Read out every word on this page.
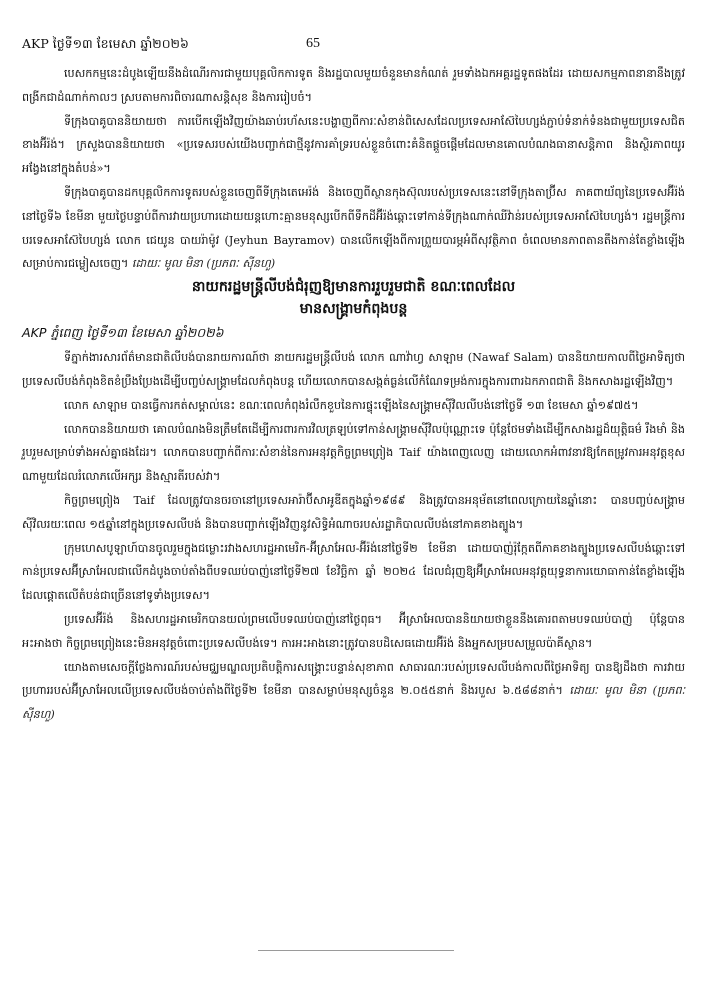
AKP ថ្ងៃទី១៣ ខែមេសា ឆ្នាំ២០២៦	65

បេសកកម្មនេះដំបូងឡើយនឹងដំណើរការជាមួយបុគ្គលិកការទូត និងរដ្ឋបាលមួយចំនួនមានកំណត់ រួមទាំងឯកអគ្គរដ្ឋទូតផងដែរ ដោយសកម្មភាពនានានឹងត្រូវពង្រីកជាដំណាក់កាលៗ ស្របតាមការពិចារណាសន្តិសុខ និងការរៀបចំ។

ទីក្រុងបាគូបាននិយាយថា ការបើកឡើងវិញយ៉ាងឆាប់រហ័សនេះបង្ហាញពីការៈសំខាន់ពិសេសដែលប្រទេសអាស៊ែបៃហ្សង់ភ្ជាប់ទំនាក់ទំនងជាមួយប្រទេសជិតខាងអ៊ីរ៉ង់។ ក្រសួងបាននិយាយថា «ប្រទេសរបស់យើងបញ្ជាក់ជាថ្មីនូវការគាំទ្ររបស់ខ្លួនចំពោះគំនិតផ្តួចផ្តើមដែលមានគោលបំណងធានាសន្តិភាព និងស្ថិរភាពយូរអង្វែងនៅក្នុងតំបន់»។

ទីក្រុងបាគូបានដកបុគ្គលិកការទូតរបស់ខ្លួនចេញពីទីក្រុងតេអេរ៉ង់ និងចេញពីស្ថានកុងស៊ុលរបស់ប្រទេសនេះនៅទីក្រុងតាប្រ៊ីស ភាគពាយ័ព្យនៃប្រទេសអ៊ីរ៉ង់ នៅថ្ងៃទី៦ ខែមីនា មួយថ្ងៃបន្ទាប់ពីការវាយប្រហារដោយយន្តហោះគ្មានមនុស្សបើកពីទឹកដីអ៊ីរ៉ង់ឆ្ពោះទៅកាន់ទីក្រុងណាក់ឈីវ៉ាន់របស់ប្រទេសអាស៊ែបៃហ្សង់។ រដ្ឋមន្ត្រីការបរទេសអាស៊ែបៃហ្សង់ លោក ជេយូន បាយរ៉ាម៉ូវ (Jeyhun Bayramov) បានលើកឡើងពីការព្រួយបារម្ភអំពីសុវត្ថិភាព ចំពេលមានភាពតានតឹងកាន់តែខ្លាំងឡើងសម្រាប់ការជម្លៀសចេញ។ ដោយៈ មូល មិនា (ប្រភពៈ ស៊ីនហួ)

នាយករដ្ឋមន្ត្រីលីបង់ជំរុញឱ្យមានការរួបរួមជាតិ ខណៈពេលដែល
មានសង្គ្រាមកំពុងបន្ត

AKP ភ្នំពេញ ថ្ងៃទី១៣ ខែមេសា ឆ្នាំ២០២៦

ទីភ្នាក់ងារសារព័ត៌មានជាតិលីបង់បានរាយការណ៍ថា នាយករដ្ឋមន្ត្រីលីបង់ លោក ណាវ៉ាហ្វ សាឡាម (Nawaf Salam) បាននិយាយកាលពីថ្ងៃអាទិត្យថា ប្រទេសលីបង់កំពុងខិតខំប្រឹងប្រែងដើម្បីបញ្ចប់សង្គ្រាមដែលកំពុងបន្ត ហើយលោកបានសង្កត់ធ្ងន់លើកំណែទម្រង់ការក្នុងការពារឯកភាពជាតិ និងកសាងរដ្ឋឡើងវិញ។

លោក សាឡាម បានធ្វើការកត់សម្គាល់នេះ ខណៈពេលកំពុងរំលឹកខួបនៃការផ្ទុះឡើងនៃសង្គ្រាមស៊ីវិលលីបង់នៅថ្ងៃទី ១៣ ខែមេសា ឆ្នាំ១៩៧៥។

លោកបាននិយាយថា គោលបំណងមិនត្រឹមតែដើម្បីការពារការវិលត្រឡប់ទៅកាន់សង្គ្រាមស៊ីវិលប៉ុណ្ណោះទេ ប៉ុន្តែថែមទាំងដើម្បីកសាងរដ្ឋដ៏យុត្តិធម៌ រឹងមាំ និងរួបរួមសម្រាប់ទាំងអស់គ្នាផងដែរ។ លោកបានបញ្ជាក់ពីការៈសំខាន់នៃការអនុវត្តកិច្ចព្រមព្រៀង Taif យ៉ាងពេញលេញ ដោយលោកអំពាវនាវឱ្យកែតម្រូវការអនុវត្តខុសណាមួយដែលរំលោភលើអក្សរ និងស្មារតីរបស់វា។

កិច្ចព្រមព្រៀង Taif ដែលត្រូវបានចរចានៅប្រទេសអារ៉ាប៊ីសាអូឌីតក្នុងឆ្នាំ១៩៨៩ និងត្រូវបានអនុម័តនៅពេលក្រោយនៃឆ្នាំនោះ បានបញ្ចប់សង្គ្រាមស៊ីវិលរយៈពេល ១៥ឆ្នាំនៅក្នុងប្រទេសលីបង់ និងបានបញ្ជាក់ឡើងវិញនូវសិទ្ធិអំណាចរបស់រដ្ឋាភិបាលលីបង់នៅភាគខាងត្បូង។

ក្រុមហេសបូឡាហ៍បានចូលរួមក្នុងជម្លោះរវាងសហរដ្ឋអាមេរិក-អ៊ីស្រាអែល-អ៊ីរ៉ង់នៅថ្ងៃទី២ ខែមីនា ដោយបាញ់រ៉ុក្កែតពីភាគខាងត្បូងប្រទេសលីបង់ឆ្ពោះទៅកាន់ប្រទេសអ៊ីស្រាអែលជាលើកដំបូងចាប់តាំងពីបទឈប់បាញ់នៅថ្ងៃទី២៧ ខែវិច្ឆិកា ឆ្នាំ ២០២៤ ដែលជំរុញឱ្យអ៊ីស្រាអែលអនុវត្តយុទ្ធនាការយោធាកាន់តែខ្លាំងឡើងដែលផ្តោតលើតំបន់ជាច្រើននៅទូទាំងប្រទេស។

ប្រទេសអ៊ីរ៉ង់ និងសហរដ្ឋអាមេរិកបានយល់ព្រមលើបទឈប់បាញ់នៅថ្ងៃពុធ។ អ៊ីស្រាអែលបាននិយាយថាខ្លួននឹងគោរពតាមបទឈប់បាញ់ ប៉ុន្តែបានអះអាងថា កិច្ចព្រមព្រៀងនេះមិនអនុវត្តចំពោះប្រទេសលីបង់ទេ។ ការអះអាងនោះត្រូវបានបដិសេធដោយអ៊ីរ៉ង់ និងអ្នកសម្របសម្រួលប៉ាគីស្ថាន។

យោងតាមសេចក្តីថ្លែងការណ៍របស់មជ្ឈមណ្ឌលប្រតិបត្តិការសង្គ្រោះបន្ទាន់សុខាភាព សាធារណៈរបស់ប្រទេសលីបង់កាលពីថ្ងៃអាទិត្យ បានឱ្យដឹងថា ការវាយប្រហាររបស់អ៊ីស្រាអែលលើប្រទេសលីបង់ចាប់តាំងពីថ្ងៃទី២ ខែមីនា បានសម្លាប់មនុស្សចំនួន ២.០៥៥នាក់ និងរបួស ៦.៥៨៨នាក់។ ដោយៈ មូល មិនា (ប្រភពៈ ស៊ីនហួ)
